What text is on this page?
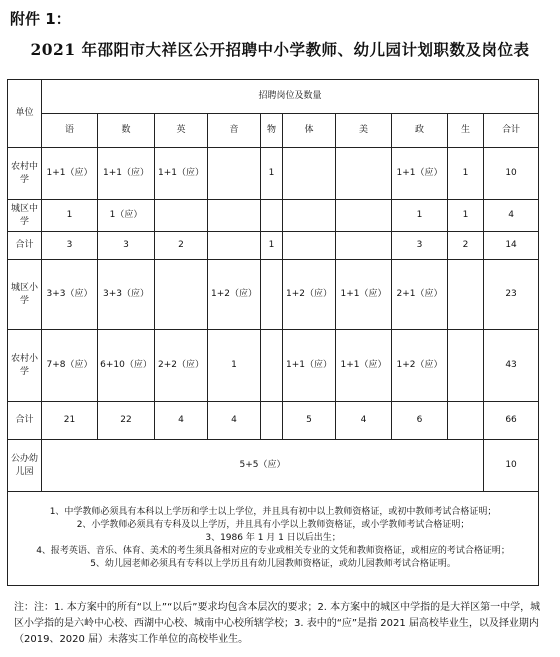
附件 1：
2021 年邵阳市大祥区公开招聘中小学教师、幼儿园计划职数及岗位表
单位	招聘岗位及数量									
	语	数	英	音	物	体	美	政	生	合计
农村中学	1+1（应）	1+1（应）	1+1（应）		1			1+1（应）	1	10
城区中学	1	1（应）						1	1	4
合计	3	3	2		1			3	2	14
城区小学	3+3（应）	3+3（应）		1+2（应）		1+2（应）	1+1（应）	2+1（应）		23
农村小学	7+8（应）	6+10（应）	2+2（应）	1		1+1（应）	1+1（应）	1+2（应）		43
合计	21	22	4	4		5	4	6		66
公办幼儿园	5+5（应）									10

1、中学教师必须具有本科以上学历和学士以上学位，并且具有初中以上教师资格证，或初中教师考试合格证明；
2、小学教师必须具有专科及以上学历，并且具有小学以上教师资格证，或小学教师考试合格证明；
3、1986 年 1 月 1 日以后出生；
4、报考英语、音乐、体育、美术的考生须具备相对应的专业或相关专业的文凭和教师资格证，或相应的考试合格证明；
5、幼儿园老师必须具有专科以上学历且有幼儿园教师资格证，或幼儿园教师考试合格证明。										
注：注：1. 本方案中的所有“以上”“以后”要求均包含本层次的要求；2. 本方案中的城区中学指的是大祥区第一中学，城区小学指的是六岭中心校、西湖中心校、城南中心校所辖学校；3. 表中的“应”是指 2021 届高校毕业生，以及择业期内（2019、2020 届）未落实工作单位的高校毕业生。
